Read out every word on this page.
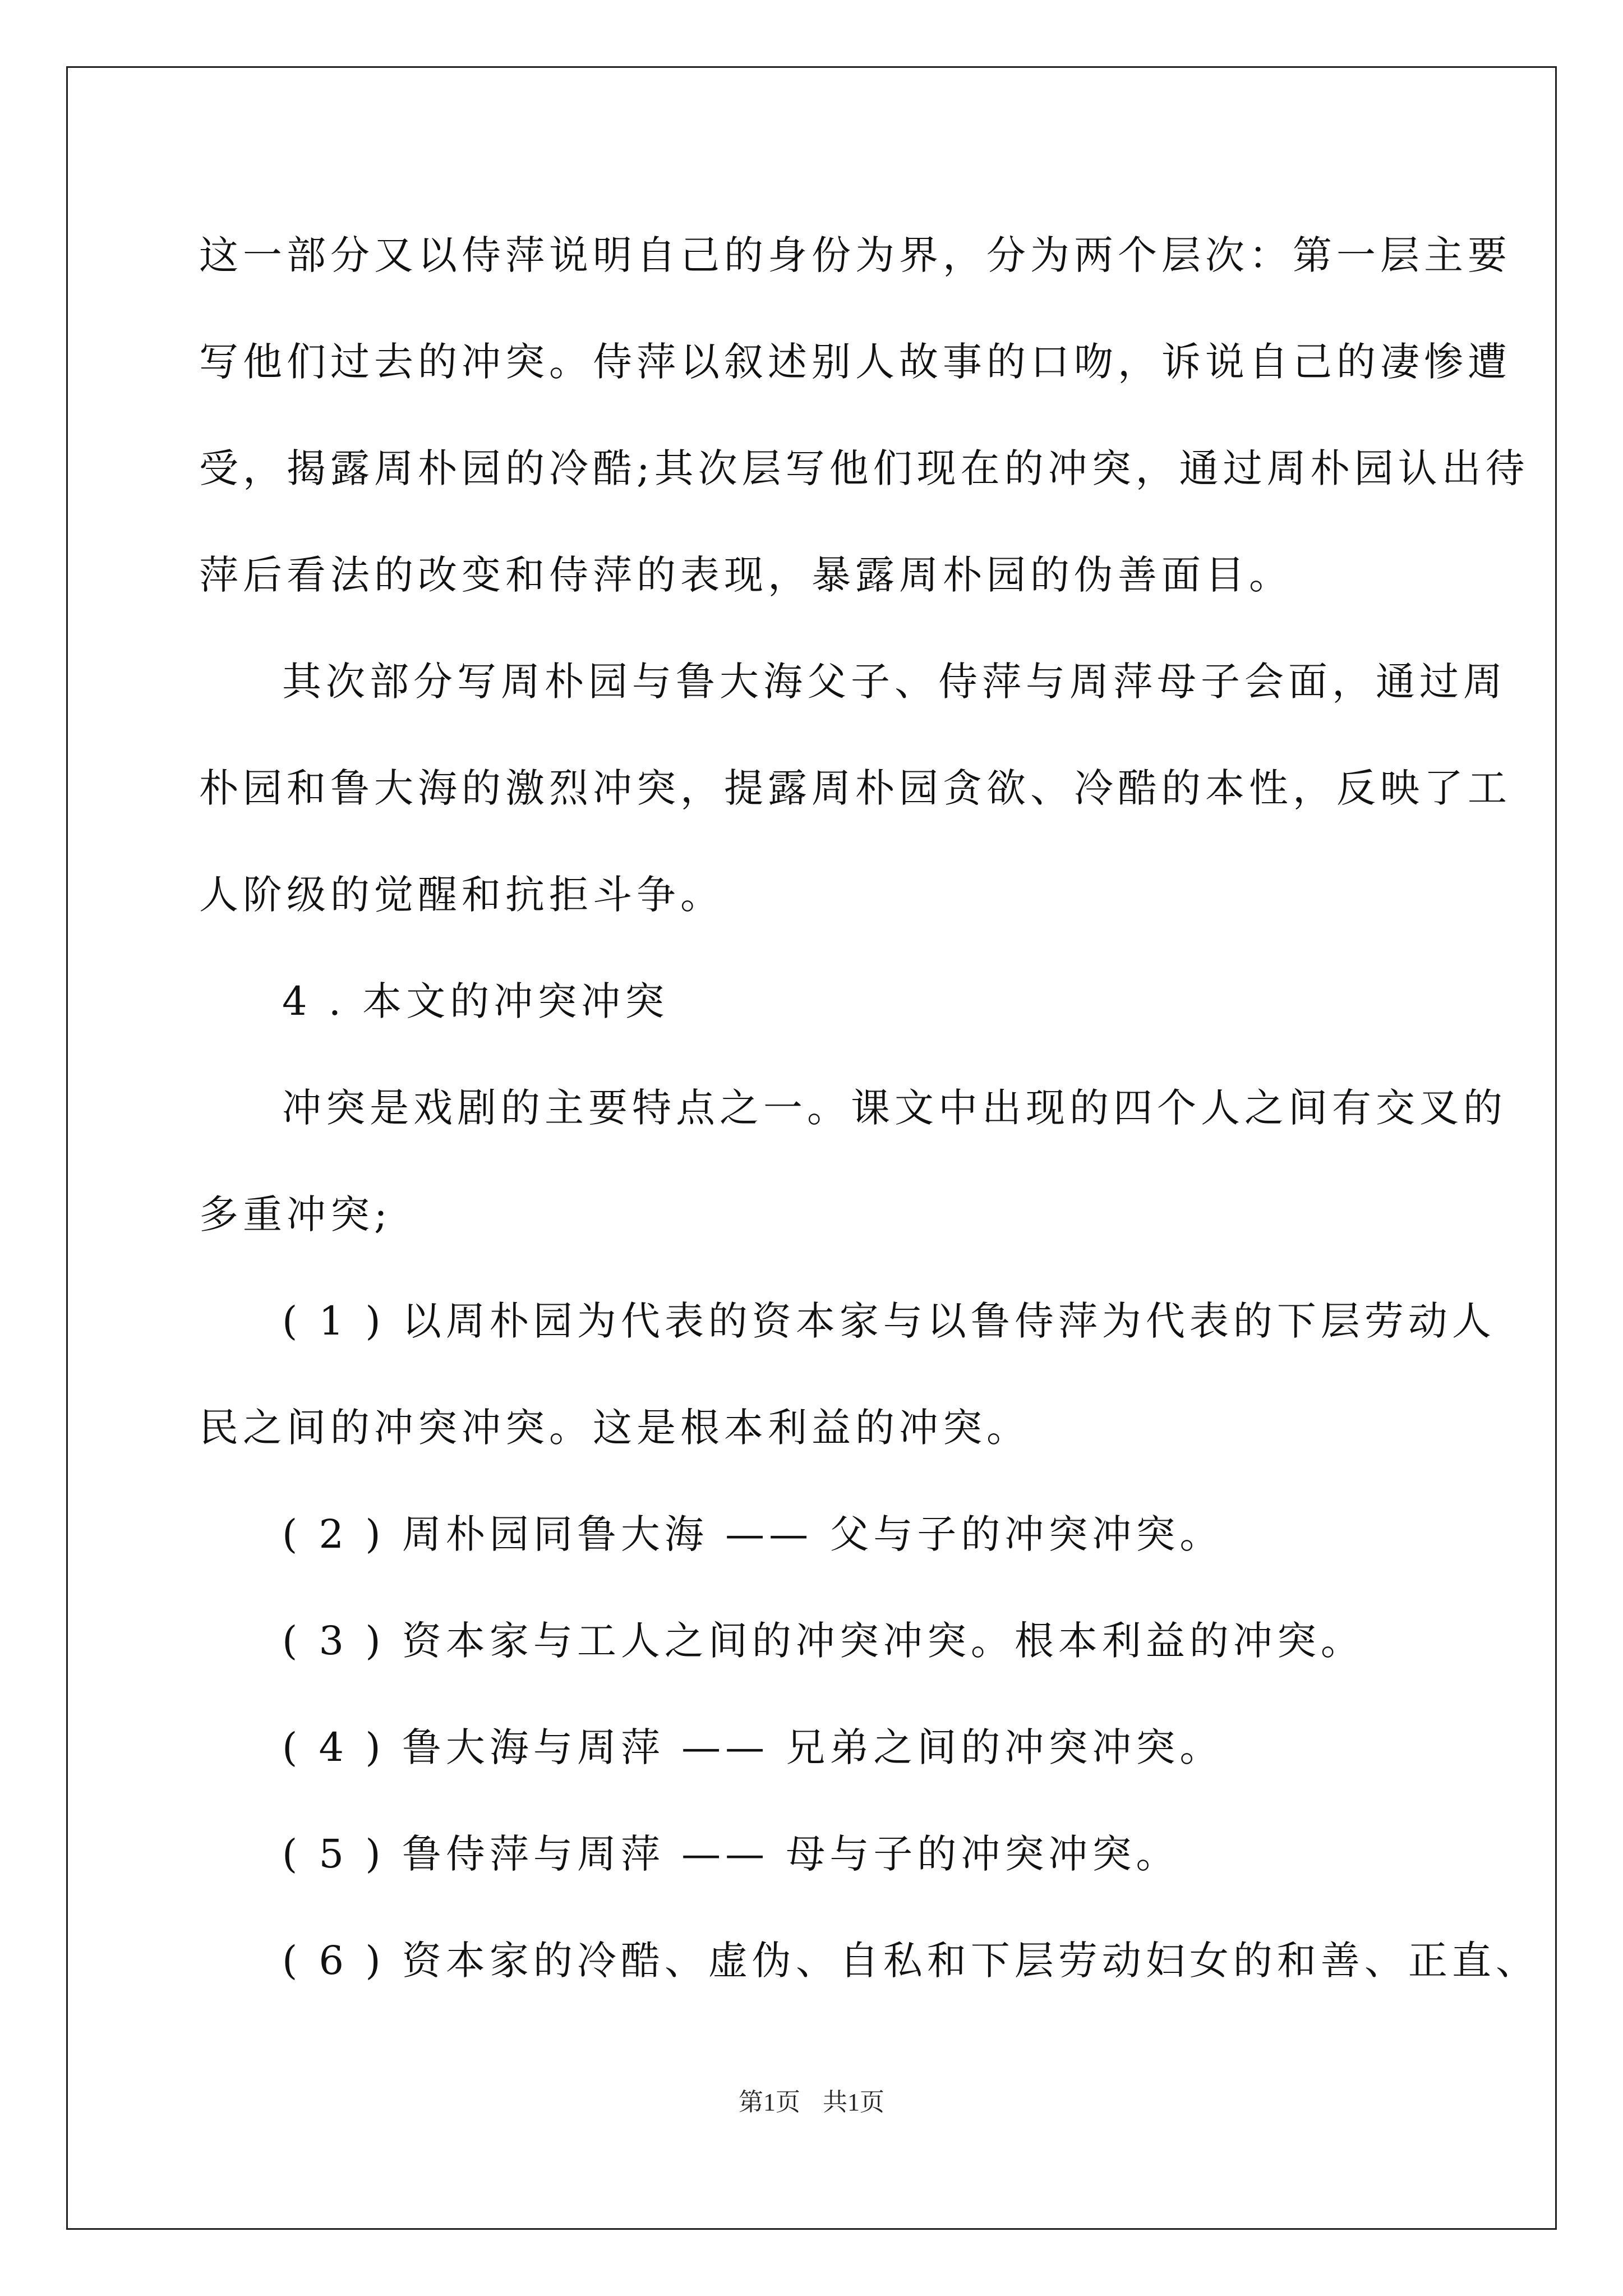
这一部分又以侍萍说明自己的身份为界，分为两个层次：第一层主要
写他们过去的冲突。侍萍以叙述别人故事的口吻，诉说自己的凄惨遭
受，揭露周朴园的冷酷;其次层写他们现在的冲突，通过周朴园认出待
萍后看法的改变和侍萍的表现，暴露周朴园的伪善面目。
其次部分写周朴园与鲁大海父子、侍萍与周萍母子会面，通过周
朴园和鲁大海的激烈冲突，提露周朴园贪欲、冷酷的本性，反映了工
人阶级的觉醒和抗拒斗争。
4 . 本文的冲突冲突
冲突是戏剧的主要特点之一。课文中出现的四个人之间有交叉的
多重冲突;
( 1 ) 以周朴园为代表的资本家与以鲁侍萍为代表的下层劳动人
民之间的冲突冲突。这是根本利益的冲突。
( 2 ) 周朴园同鲁大海 —— 父与子的冲突冲突。
( 3 ) 资本家与工人之间的冲突冲突。根本利益的冲突。
( 4 ) 鲁大海与周萍 —— 兄弟之间的冲突冲突。
( 5 ) 鲁侍萍与周萍 —— 母与子的冲突冲突。
( 6 ) 资本家的冷酷、虚伪、自私和下层劳动妇女的和善、正直、
第1页 共1页
